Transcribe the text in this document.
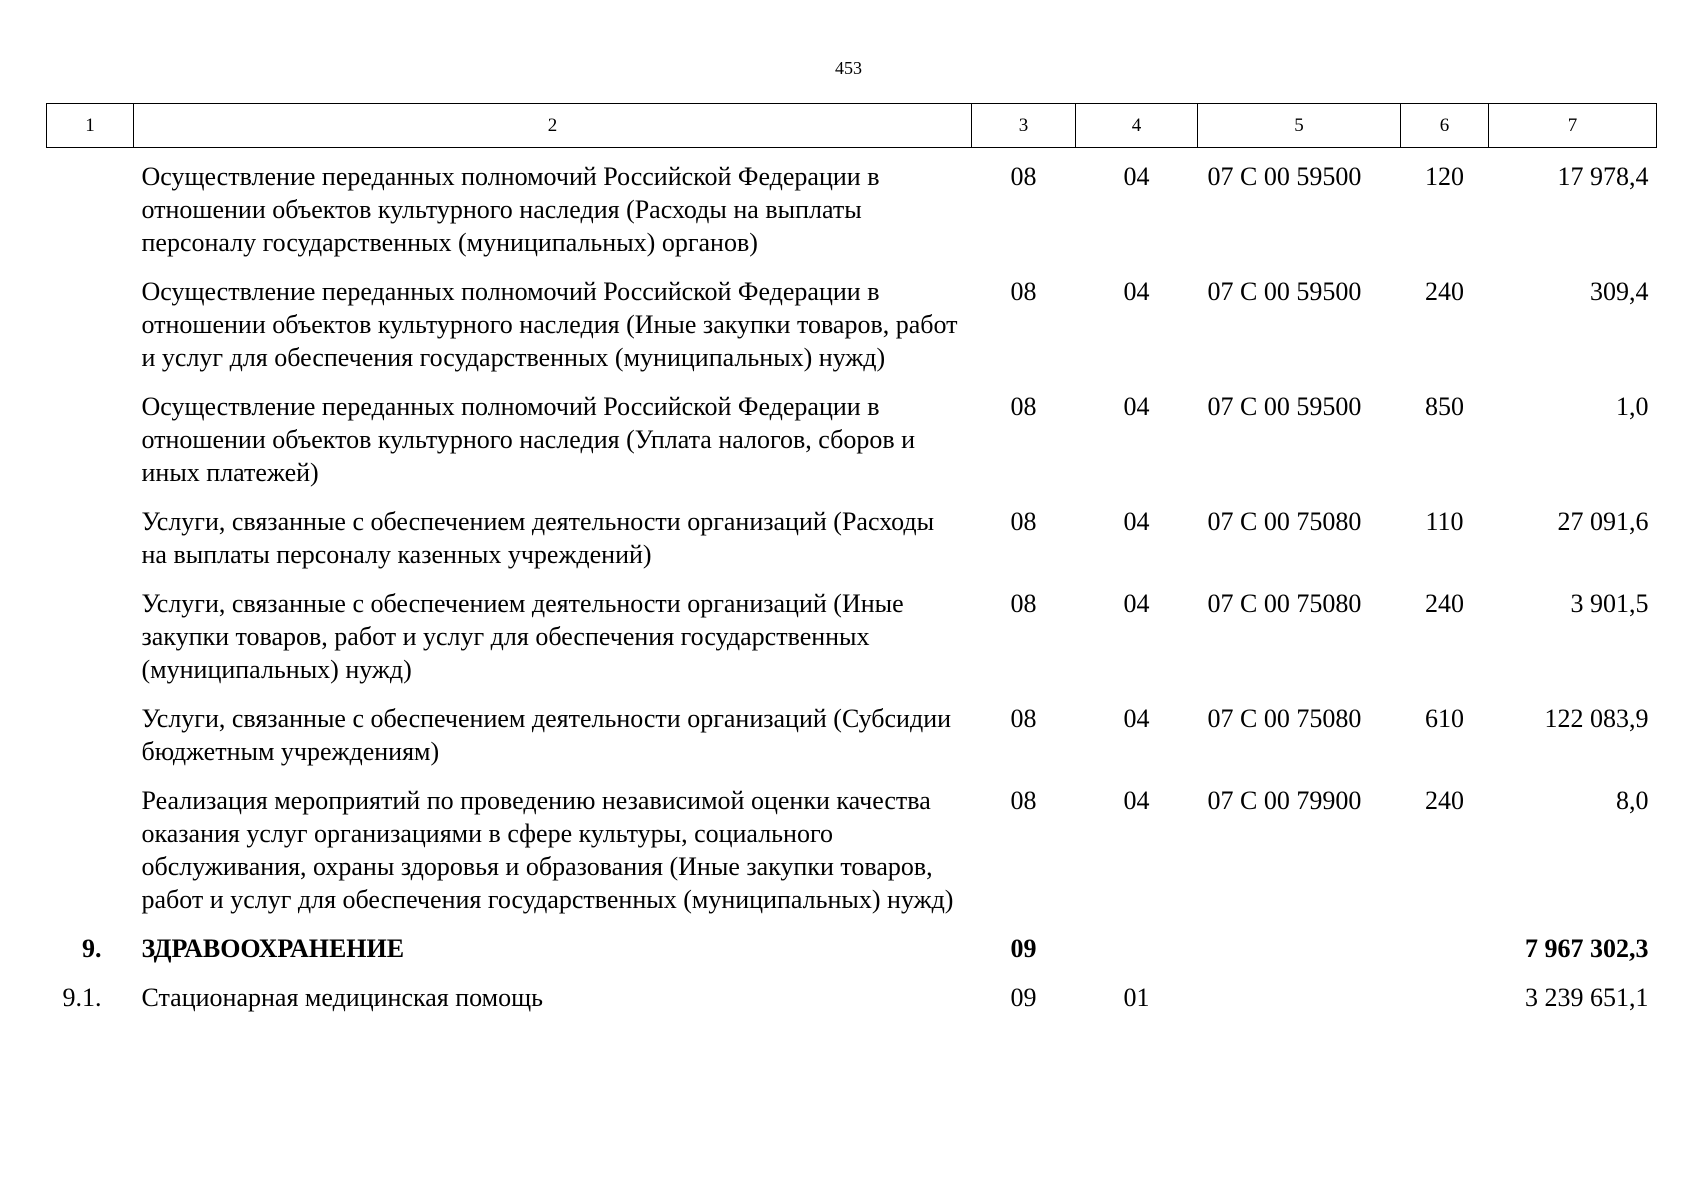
453
1	2	3	4	5	6	7
	Осуществление переданных полномочий Российской Федерации в отношении объектов культурного наследия (Расходы на выплаты персоналу государственных (муниципальных) органов)	08	04	07 С 00 59500	120	17 978,4
	Осуществление переданных полномочий Российской Федерации в отношении объектов культурного наследия (Иные закупки товаров, работ и услуг для обеспечения государственных (муниципальных) нужд)	08	04	07 С 00 59500	240	309,4
	Осуществление переданных полномочий Российской Федерации в отношении объектов культурного наследия (Уплата налогов, сборов и иных платежей)	08	04	07 С 00 59500	850	1,0
	Услуги, связанные с обеспечением деятельности организаций (Расходы на выплаты персоналу казенных учреждений)	08	04	07 С 00 75080	110	27 091,6
	Услуги, связанные с обеспечением деятельности организаций (Иные закупки товаров, работ и услуг для обеспечения государственных (муниципальных) нужд)	08	04	07 С 00 75080	240	3 901,5
	Услуги, связанные с обеспечением деятельности организаций (Субсидии бюджетным учреждениям)	08	04	07 С 00 75080	610	122 083,9
	Реализация мероприятий по проведению независимой оценки качества оказания услуг организациями в сфере культуры, социального обслуживания, охраны здоровья и образования (Иные закупки товаров, работ и услуг для обеспечения государственных (муниципальных) нужд)	08	04	07 С 00 79900	240	8,0
9.	ЗДРАВООХРАНЕНИЕ	09				7 967 302,3
9.1.	Стационарная медицинская помощь	09	01			3 239 651,1
